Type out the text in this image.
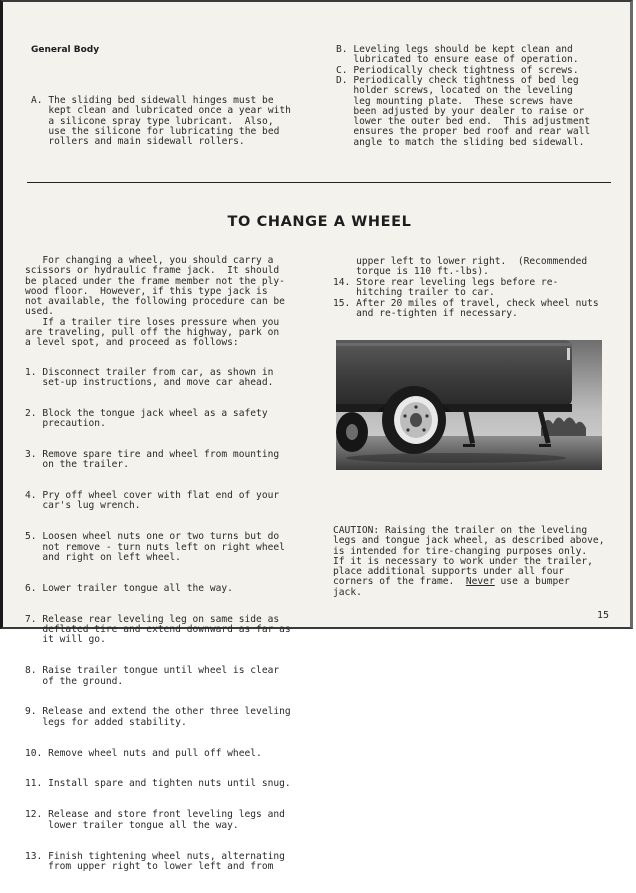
General Body
A. The sliding bed sidewall hinges must be
kept clean and lubricated once a year with
a silicone spray type lubricant.  Also,
use the silicone for lubricating the bed
rollers and main sidewall rollers.
B. Leveling legs should be kept clean and
lubricated to ensure ease of operation.
C. Periodically check tightness of screws.
D. Periodically check tightness of bed leg
holder screws, located on the leveling
leg mounting plate.  These screws have
been adjusted by your dealer to raise or
lower the outer bed end.  This adjustment
ensures the proper bed roof and rear wall
angle to match the sliding bed sidewall.
TO CHANGE A WHEEL
For changing a wheel, you should carry a
scissors or hydraulic frame jack.  It should
be placed under the frame member not the ply-
wood floor.  However, if this type jack is
not available, the following procedure can be
used.
If a trailer tire loses pressure when you
are traveling, pull off the highway, park on
a level spot, and proceed as follows:

1. Disconnect trailer from car, as shown in
set-up instructions, and move car ahead.

2. Block the tongue jack wheel as a safety
precaution.

3. Remove spare tire and wheel from mounting
on the trailer.

4. Pry off wheel cover with flat end of your
car's lug wrench.

5. Loosen wheel nuts one or two turns but do
not remove - turn nuts left on right wheel
and right on left wheel.

6. Lower trailer tongue all the way.

7. Release rear leveling leg on same side as
deflated tire and extend downward as far as
it will go.

8. Raise trailer tongue until wheel is clear
of the ground.

9. Release and extend the other three leveling
legs for added stability.

10. Remove wheel nuts and pull off wheel.

11. Install spare and tighten nuts until snug.

12. Release and store front leveling legs and
lower trailer tongue all the way.

13. Finish tightening wheel nuts, alternating
from upper right to lower left and from

upper left to lower right.  (Recommended
torque is 110 ft.-lbs).
14. Store rear leveling legs before re-
hitching trailer to car.
15. After 20 miles of travel, check wheel nuts
and re-tighten if necessary.
CAUTION: Raising the trailer on the leveling
legs and tongue jack wheel, as described above,
is intended for tire-changing purposes only.
If it is necessary to work under the trailer,
place additional supports under all four
corners of the frame.  Never use a bumper
jack.
15
